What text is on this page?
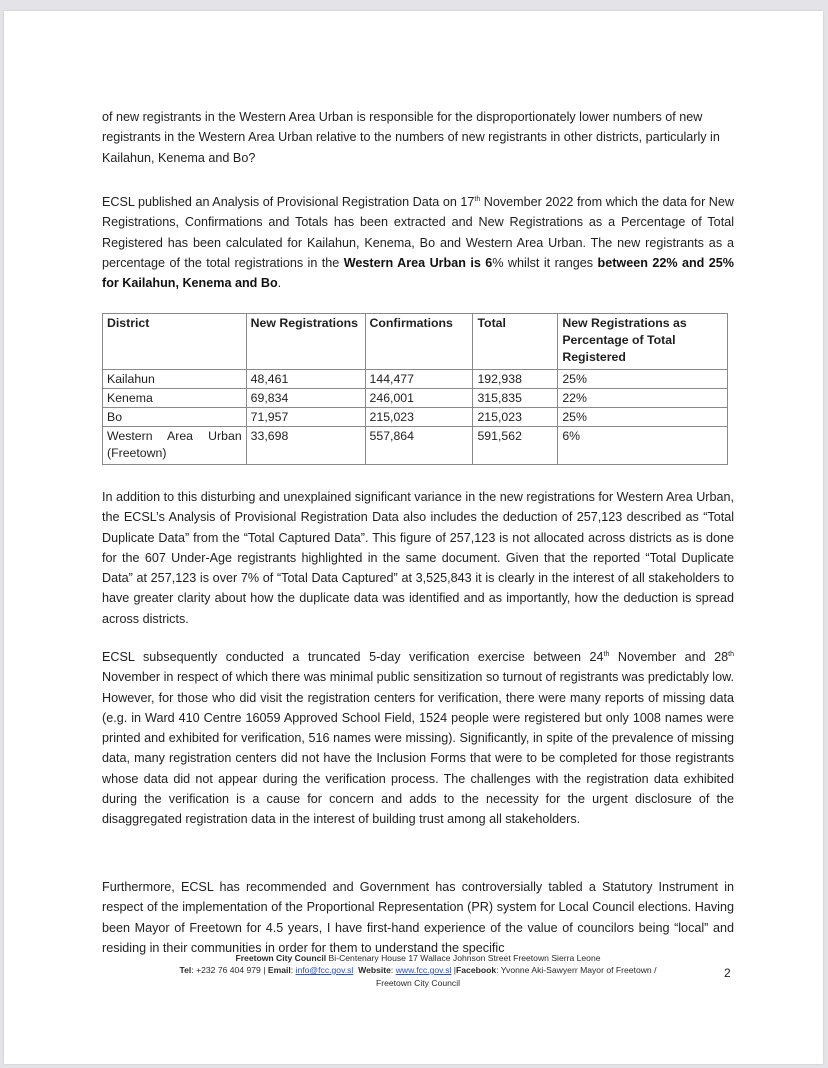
of new registrants in the Western Area Urban is responsible for the disproportionately lower numbers of new registrants in the Western Area Urban relative to the numbers of new registrants in other districts, particularly in Kailahun, Kenema and Bo?

ECSL published an Analysis of Provisional Registration Data on 17th November 2022 from which the data for New Registrations, Confirmations and Totals has been extracted and New Registrations as a Percentage of Total Registered has been calculated for Kailahun, Kenema, Bo and Western Area Urban. The new registrants as a percentage of the total registrations in the Western Area Urban is 6% whilst it ranges between 22% and 25% for Kailahun, Kenema and Bo.

District	New Registrations	Confirmations	Total	New Registrations as Percentage of Total Registered
Kailahun	48,461	144,477	192,938	25%
Kenema	69,834	246,001	315,835	22%
Bo	71,957	215,023	215,023	25%
Western Area Urban (Freetown)	33,698	557,864	591,562	6%

In addition to this disturbing and unexplained significant variance in the new registrations for Western Area Urban, the ECSL’s Analysis of Provisional Registration Data also includes the deduction of 257,123 described as “Total Duplicate Data” from the “Total Captured Data”. This figure of 257,123 is not allocated across districts as is done for the 607 Under-Age registrants highlighted in the same document. Given that the reported “Total Duplicate Data” at 257,123 is over 7% of “Total Data Captured” at 3,525,843 it is clearly in the interest of all stakeholders to have greater clarity about how the duplicate data was identified and as importantly, how the deduction is spread across districts.

ECSL subsequently conducted a truncated 5-day verification exercise between 24th November and 28th November in respect of which there was minimal public sensitization so turnout of registrants was predictably low. However, for those who did visit the registration centers for verification, there were many reports of missing data (e.g. in Ward 410 Centre 16059 Approved School Field, 1524 people were registered but only 1008 names were printed and exhibited for verification, 516 names were missing). Significantly, in spite of the prevalence of missing data, many registration centers did not have the Inclusion Forms that were to be completed for those registrants whose data did not appear during the verification process. The challenges with the registration data exhibited during the verification is a cause for concern and adds to the necessity for the urgent disclosure of the disaggregated registration data in the interest of building trust among all stakeholders.

Furthermore, ECSL has recommended and Government has controversially tabled a Statutory Instrument in respect of the implementation of the Proportional Representation (PR) system for Local Council elections. Having been Mayor of Freetown for 4.5 years, I have first-hand experience of the value of councilors being “local” and residing in their communities in order for them to understand the specific

Freetown City Council Bi-Centenary House 17 Wallace Johnson Street Freetown Sierra Leone
Tel: +232 76 404 979 | Email: info@fcc.gov.sl Website: www.fcc.gov.sl |Facebook: Yvonne Aki-Sawyerr Mayor of Freetown /
Freetown City Council
2
